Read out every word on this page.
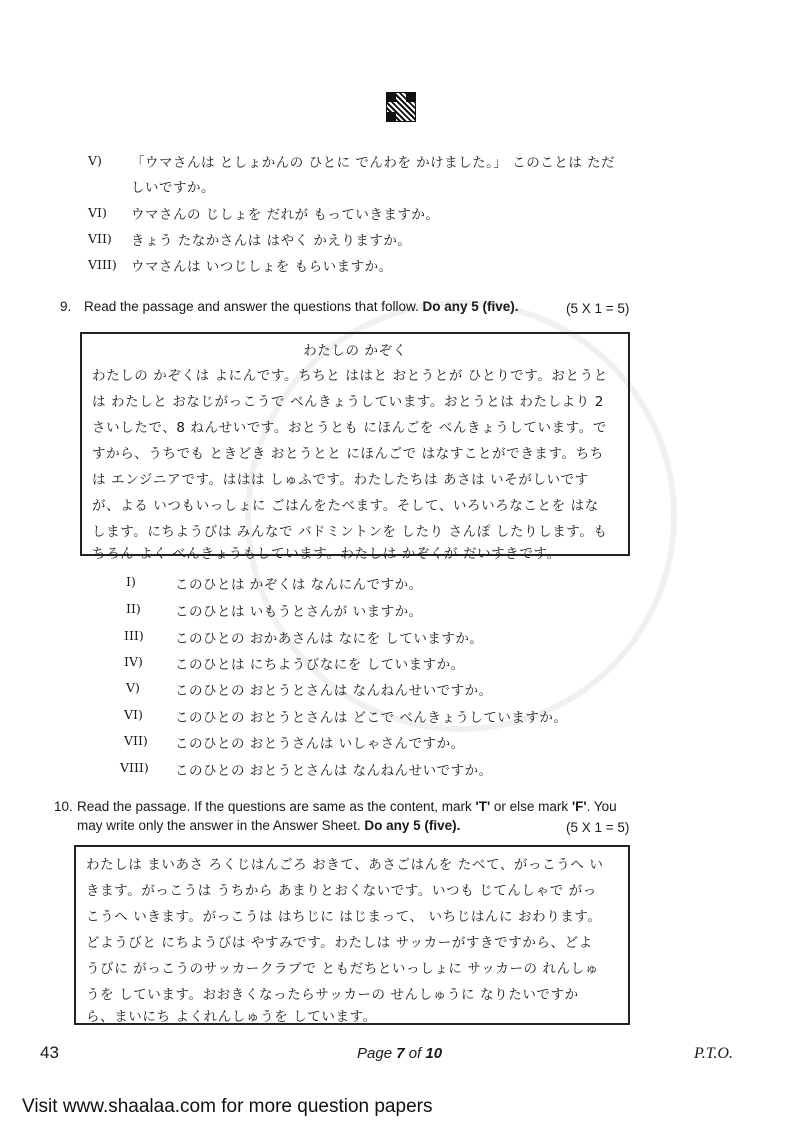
V) 「ウマさんは としょかんの ひとに でんわを かけました。」 このことは ただ
しいですか。
VI) ウマさんの じしょを だれが もっていきますか。
VII) きょう たなかさんは はやく かえりますか。
VIII) ウマさんは いつじしょを もらいますか。
9. Read the passage and answer the questions that follow. Do any 5 (five).	(5 X 1 = 5)
わたしの かぞく
わたしの かぞくは よにんです。ちちと ははと おとうとが ひとりです。おとうと
は わたしと おなじがっこうで べんきょうしています。おとうとは わたしより 2
さいしたで、8 ねんせいです。おとうとも にほんごを べんきょうしています。で
すから、うちでも ときどき おとうとと にほんごで はなすことができます。ちち
は エンジニアです。ははは しゅふです。わたしたちは あさは いそがしいです
が、よる いつもいっしょに ごはんをたべます。そして、いろいろなことを はな
します。にちようびは みんなで バドミントンを したり さんぽ したりします。も
ちろん よく べんきょうもしています。わたしは かぞくが だいすきです。
I)	このひとは かぞくは なんにんですか。
II)	このひとは いもうとさんが いますか。
III) このひとの おかあさんは なにを していますか。
IV) このひとは にちようびなにを していますか。
V)	このひとの おとうとさんは なんねんせいですか。
VI) このひとの おとうとさんは どこで べんきょうしていますか。
VII) このひとの おとうさんは いしゃさんですか。
VIII) このひとの おとうとさんは なんねんせいですか。
10. Read the passage. If the questions are same as the content, mark 'T' or else mark 'F'. You
may write only the answer in the Answer Sheet. Do any 5 (five).	(5 X 1 = 5)
わたしは まいあさ ろくじはんごろ おきて、あさごはんを たべて、がっこうへ い
きます。がっこうは うちから あまりとおくないです。いつも じてんしゃで がっ
こうへ いきます。がっこうは はちじに はじまって、 いちじはんに おわります。
どようびと にちようびは やすみです。わたしは サッカーがすきですから、どよ
うびに がっこうのサッカークラブで ともだちといっしょに サッカーの れんしゅ
うを しています。おおきくなったらサッカーの せんしゅうに なりたいですか
ら、まいにち よくれんしゅうを しています。
43	Page 7 of 10	P.T.O.
Visit www.shaalaa.com for more question papers
